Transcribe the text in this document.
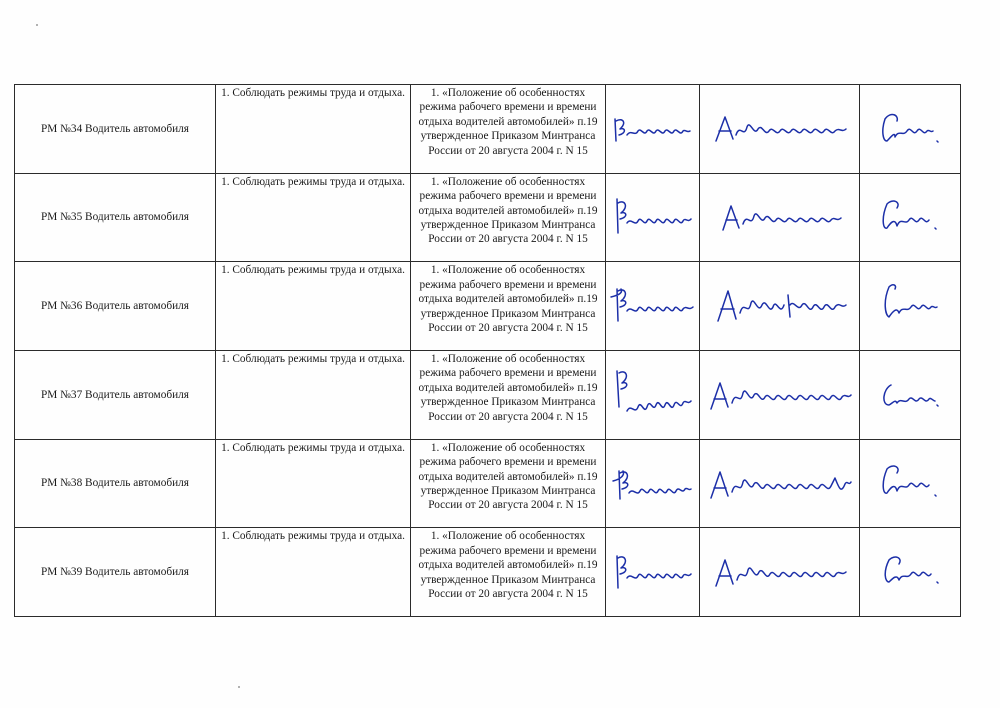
РМ №34 Водитель автомобиля	1. Соблюдать режимы труда и отдыха.	1. «Положение об особенностях режима рабочего времени и времени отдыха водителей автомобилей» п.19 утвержденное Приказом Минтранса России от 20 августа 2004 г. N 15

РМ №35 Водитель автомобиля	1. Соблюдать режимы труда и отдыха.	1. «Положение об особенностях режима рабочего времени и времени отдыха водителей автомобилей» п.19 утвержденное Приказом Минтранса России от 20 августа 2004 г. N 15

РМ №36 Водитель автомобиля	1. Соблюдать режимы труда и отдыха.	1. «Положение об особенностях режима рабочего времени и времени отдыха водителей автомобилей» п.19 утвержденное Приказом Минтранса России от 20 августа 2004 г. N 15

РМ №37 Водитель автомобиля	1. Соблюдать режимы труда и отдыха.	1. «Положение об особенностях режима рабочего времени и времени отдыха водителей автомобилей» п.19 утвержденное Приказом Минтранса России от 20 августа 2004 г. N 15

РМ №38 Водитель автомобиля	1. Соблюдать режимы труда и отдыха.	1. «Положение об особенностях режима рабочего времени и времени отдыха водителей автомобилей» п.19 утвержденное Приказом Минтранса России от 20 августа 2004 г. N 15

РМ №39 Водитель автомобиля	1. Соблюдать режимы труда и отдыха.	1. «Положение об особенностях режима рабочего времени и времени отдыха водителей автомобилей» п.19 утвержденное Приказом Минтранса России от 20 августа 2004 г. N 15
